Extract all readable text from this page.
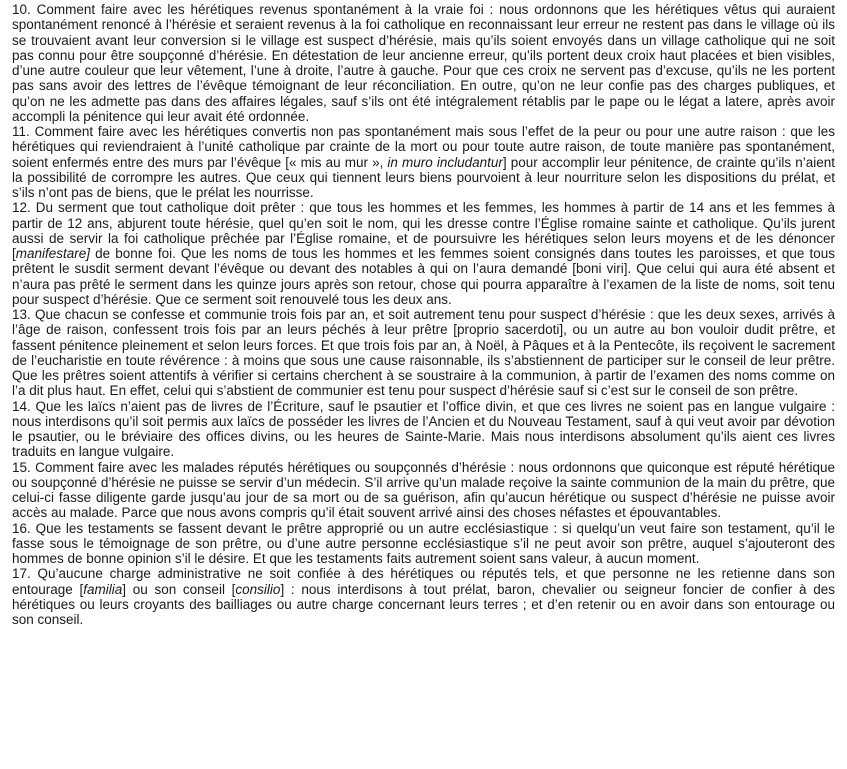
10. Comment faire avec les hérétiques revenus spontanément à la vraie foi : nous ordonnons que les hérétiques vêtus qui auraient spontanément renoncé à l’hérésie et seraient revenus à la foi catholique en reconnaissant leur erreur ne restent pas dans le village où ils se trouvaient avant leur conversion si le village est suspect d’hérésie, mais qu’ils soient envoyés dans un village catholique qui ne soit pas connu pour être soupçonné d’hérésie. En détestation de leur ancienne erreur, qu’ils portent deux croix haut placées et bien visibles, d’une autre couleur que leur vêtement, l’une à droite, l’autre à gauche. Pour que ces croix ne servent pas d’excuse, qu’ils ne les portent pas sans avoir des lettres de l’évêque témoignant de leur réconciliation. En outre, qu’on ne leur confie pas des charges publiques, et qu’on ne les admette pas dans des affaires légales, sauf s’ils ont été intégralement rétablis par le pape ou le légat a latere, après avoir accompli la pénitence qui leur avait été ordonnée.

11. Comment faire avec les hérétiques convertis non pas spontanément mais sous l’effet de la peur ou pour une autre raison : que les hérétiques qui reviendraient à l’unité catholique par crainte de la mort ou pour toute autre raison, de toute manière pas spontanément, soient enfermés entre des murs par l’évêque [« mis au mur », in muro includantur] pour accomplir leur pénitence, de crainte qu’ils n’aient la possibilité de corrompre les autres. Que ceux qui tiennent leurs biens pourvoient à leur nourriture selon les dispositions du prélat, et s’ils n’ont pas de biens, que le prélat les nourrisse.

12. Du serment que tout catholique doit prêter : que tous les hommes et les femmes, les hommes à partir de 14 ans et les femmes à partir de 12 ans, abjurent toute hérésie, quel qu’en soit le nom, qui les dresse contre l’Église romaine sainte et catholique. Qu’ils jurent aussi de servir la foi catholique prêchée par l’Église romaine, et de poursuivre les hérétiques selon leurs moyens et de les dénoncer [manifestare] de bonne foi. Que les noms de tous les hommes et les femmes soient consignés dans toutes les paroisses, et que tous prêtent le susdit serment devant l’évêque ou devant des notables à qui on l’aura demandé [boni viri]. Que celui qui aura été absent et n’aura pas prêté le serment dans les quinze jours après son retour, chose qui pourra apparaître à l’examen de la liste de noms, soit tenu pour suspect d’hérésie. Que ce serment soit renouvelé tous les deux ans.

13. Que chacun se confesse et communie trois fois par an, et soit autrement tenu pour suspect d’hérésie : que les deux sexes, arrivés à l’âge de raison, confessent trois fois par an leurs péchés à leur prêtre [proprio sacerdoti], ou un autre au bon vouloir dudit prêtre, et fassent pénitence pleinement et selon leurs forces. Et que trois fois par an, à Noël, à Pâques et à la Pentecôte, ils reçoivent le sacrement de l’eucharistie en toute révérence : à moins que sous une cause raisonnable, ils s’abstiennent de participer sur le conseil de leur prêtre. Que les prêtres soient attentifs à vérifier si certains cherchent à se soustraire à la communion, à partir de l’examen des noms comme on l’a dit plus haut. En effet, celui qui s’abstient de communier est tenu pour suspect d’hérésie sauf si c’est sur le conseil de son prêtre.

14. Que les laïcs n’aient pas de livres de l’Écriture, sauf le psautier et l’office divin, et que ces livres ne soient pas en langue vulgaire : nous interdisons qu’il soit permis aux laïcs de posséder les livres de l’Ancien et du Nouveau Testament, sauf à qui veut avoir par dévotion le psautier, ou le bréviaire des offices divins, ou les heures de Sainte-Marie. Mais nous interdisons absolument qu’ils aient ces livres traduits en langue vulgaire.

15. Comment faire avec les malades réputés hérétiques ou soupçonnés d’hérésie : nous ordonnons que quiconque est réputé hérétique ou soupçonné d’hérésie ne puisse se servir d’un médecin. S’il arrive qu’un malade reçoive la sainte communion de la main du prêtre, que celui-ci fasse diligente garde jusqu’au jour de sa mort ou de sa guérison, afin qu’aucun hérétique ou suspect d’hérésie ne puisse avoir accès au malade. Parce que nous avons compris qu’il était souvent arrivé ainsi des choses néfastes et épouvantables.

16. Que les testaments se fassent devant le prêtre approprié ou un autre ecclésiastique : si quelqu’un veut faire son testament, qu’il le fasse sous le témoignage de son prêtre, ou d’une autre personne ecclésiastique s’il ne peut avoir son prêtre, auquel s’ajouteront des hommes de bonne opinion s’il le désire. Et que les testaments faits autrement soient sans valeur, à aucun moment.

17. Qu’aucune charge administrative ne soit confiée à des hérétiques ou réputés tels, et que personne ne les retienne dans son entourage [familia] ou son conseil [consilio] : nous interdisons à tout prélat, baron, chevalier ou seigneur foncier de confier à des hérétiques ou leurs croyants des bailliages ou autre charge concernant leurs terres ; et d’en retenir ou en avoir dans son entourage ou son conseil.
